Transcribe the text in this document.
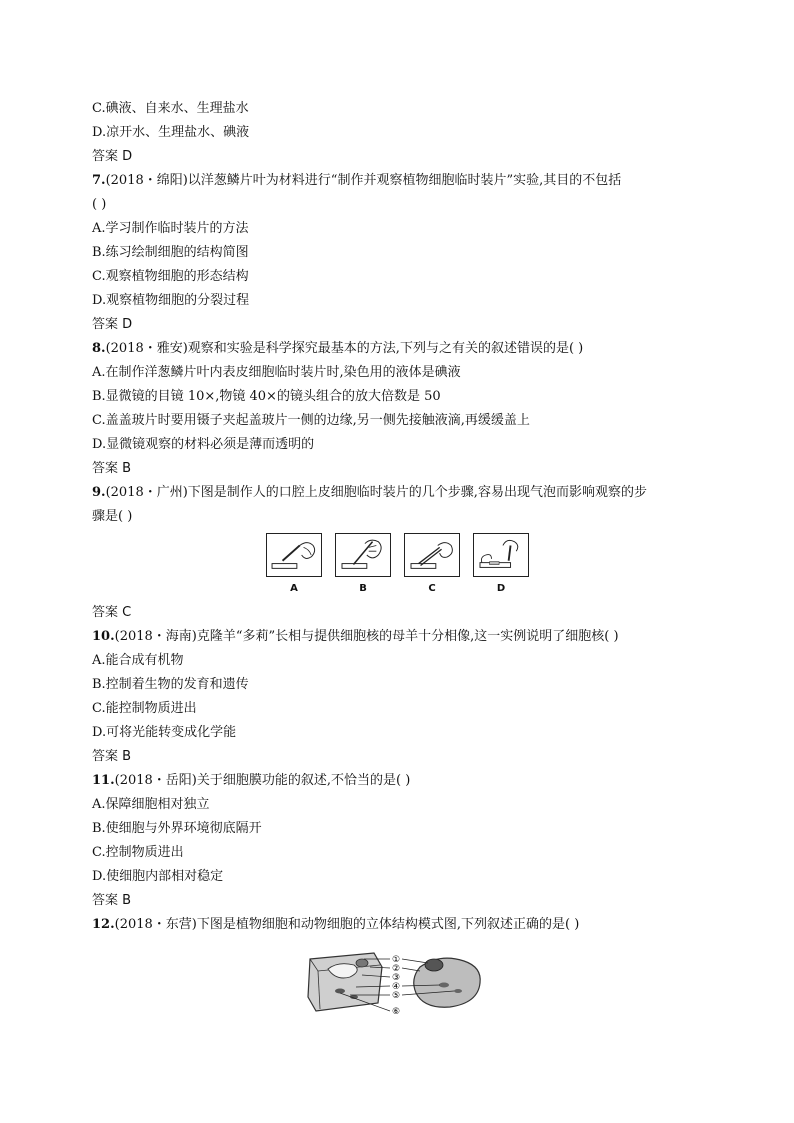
C.碘液、自来水、生理盐水
D.凉开水、生理盐水、碘液
答案 D
7.(2018・绵阳)以洋葱鳞片叶为材料进行“制作并观察植物细胞临时装片”实验,其目的不包括
( )
A.学习制作临时装片的方法
B.练习绘制细胞的结构简图
C.观察植物细胞的形态结构
D.观察植物细胞的分裂过程
答案 D
8.(2018・雅安)观察和实验是科学探究最基本的方法,下列与之有关的叙述错误的是( )
A.在制作洋葱鳞片叶内表皮细胞临时装片时,染色用的液体是碘液
B.显微镜的目镜 10×,物镜 40×的镜头组合的放大倍数是 50
C.盖盖玻片时要用镊子夹起盖玻片一侧的边缘,另一侧先接触液滴,再缓缓盖上
D.显微镜观察的材料必须是薄而透明的
答案 B
9.(2018・广州)下图是制作人的口腔上皮细胞临时装片的几个步骤,容易出现气泡而影响观察的步
骤是( )
A	B	C	D
答案 C
10.(2018・海南)克隆羊“多莉”长相与提供细胞核的母羊十分相像,这一实例说明了细胞核( )
A.能合成有机物
B.控制着生物的发育和遗传
C.能控制物质进出
D.可将光能转变成化学能
答案 B
11.(2018・岳阳)关于细胞膜功能的叙述,不恰当的是( )
A.保障细胞相对独立
B.使细胞与外界环境彻底隔开
C.控制物质进出
D.使细胞内部相对稳定
答案 B
12.(2018・东营)下图是植物细胞和动物细胞的立体结构模式图,下列叙述正确的是( )
①
②
③
④
⑤
⑥
